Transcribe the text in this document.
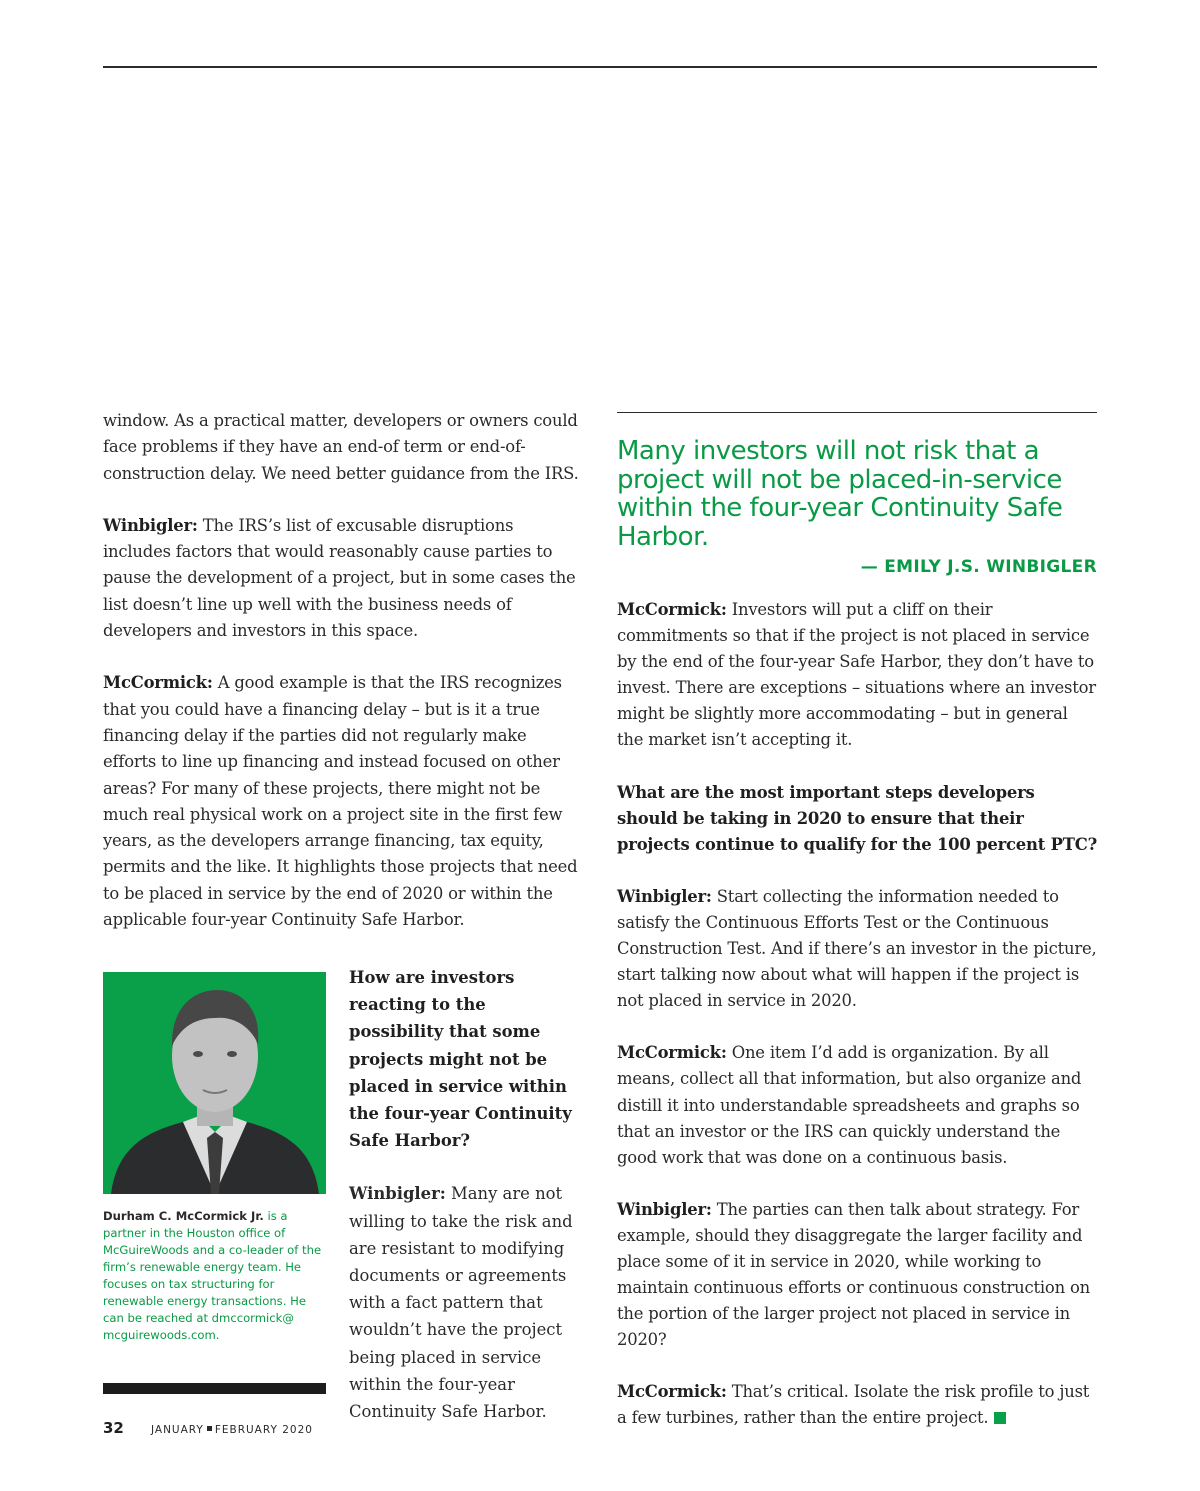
window. As a practical matter, developers or owners could face problems if they have an end-of term or end-of-construction delay. We need better guidance from the IRS.

Winbigler: The IRS’s list of excusable disruptions includes factors that would reasonably cause parties to pause the development of a project, but in some cases the list doesn’t line up well with the business needs of developers and investors in this space.

McCormick: A good example is that the IRS recognizes that you could have a financing delay – but is it a true financing delay if the parties did not regularly make efforts to line up financing and instead focused on other areas? For many of these projects, there might not be much real physical work on a project site in the first few years, as the developers arrange financing, tax equity, permits and the like. It highlights those projects that need to be placed in service by the end of 2020 or within the applicable four-year Continuity Safe Harbor.

Durham C. McCormick Jr. is a partner in the Houston office of McGuireWoods and a co-leader of the firm’s renewable energy team. He focuses on tax structuring for renewable energy transactions. He can be reached at dmccormick@ mcguirewoods.com.

How are investors reacting to the possibility that some projects might not be placed in service within the four-year Continuity Safe Harbor?

Winbigler: Many are not willing to take the risk and are resistant to modifying documents or agreements with a fact pattern that wouldn’t have the project being placed in service within the four-year Continuity Safe Harbor.

Many investors will not risk that a project will not be placed-in-service within the four-year Continuity Safe Harbor.

— EMILY J.S. WINBIGLER

McCormick: Investors will put a cliff on their commitments so that if the project is not placed in service by the end of the four-year Safe Harbor, they don’t have to invest. There are exceptions – situations where an investor might be slightly more accommodating – but in general the market isn’t accepting it.

What are the most important steps developers should be taking in 2020 to ensure that their projects continue to qualify for the 100 percent PTC?

Winbigler: Start collecting the information needed to satisfy the Continuous Efforts Test or the Continuous Construction Test. And if there’s an investor in the picture, start talking now about what will happen if the project is not placed in service in 2020.

McCormick: One item I’d add is organization. By all means, collect all that information, but also organize and distill it into understandable spreadsheets and graphs so that an investor or the IRS can quickly understand the good work that was done on a continuous basis.

Winbigler: The parties can then talk about strategy. For example, should they disaggregate the larger facility and place some of it in service in 2020, while working to maintain continuous efforts or continuous construction on the portion of the larger project not placed in service in 2020?

McCormick: That’s critical. Isolate the risk profile to just a few turbines, rather than the entire project.

32	JANUARY FEBRUARY 2020
